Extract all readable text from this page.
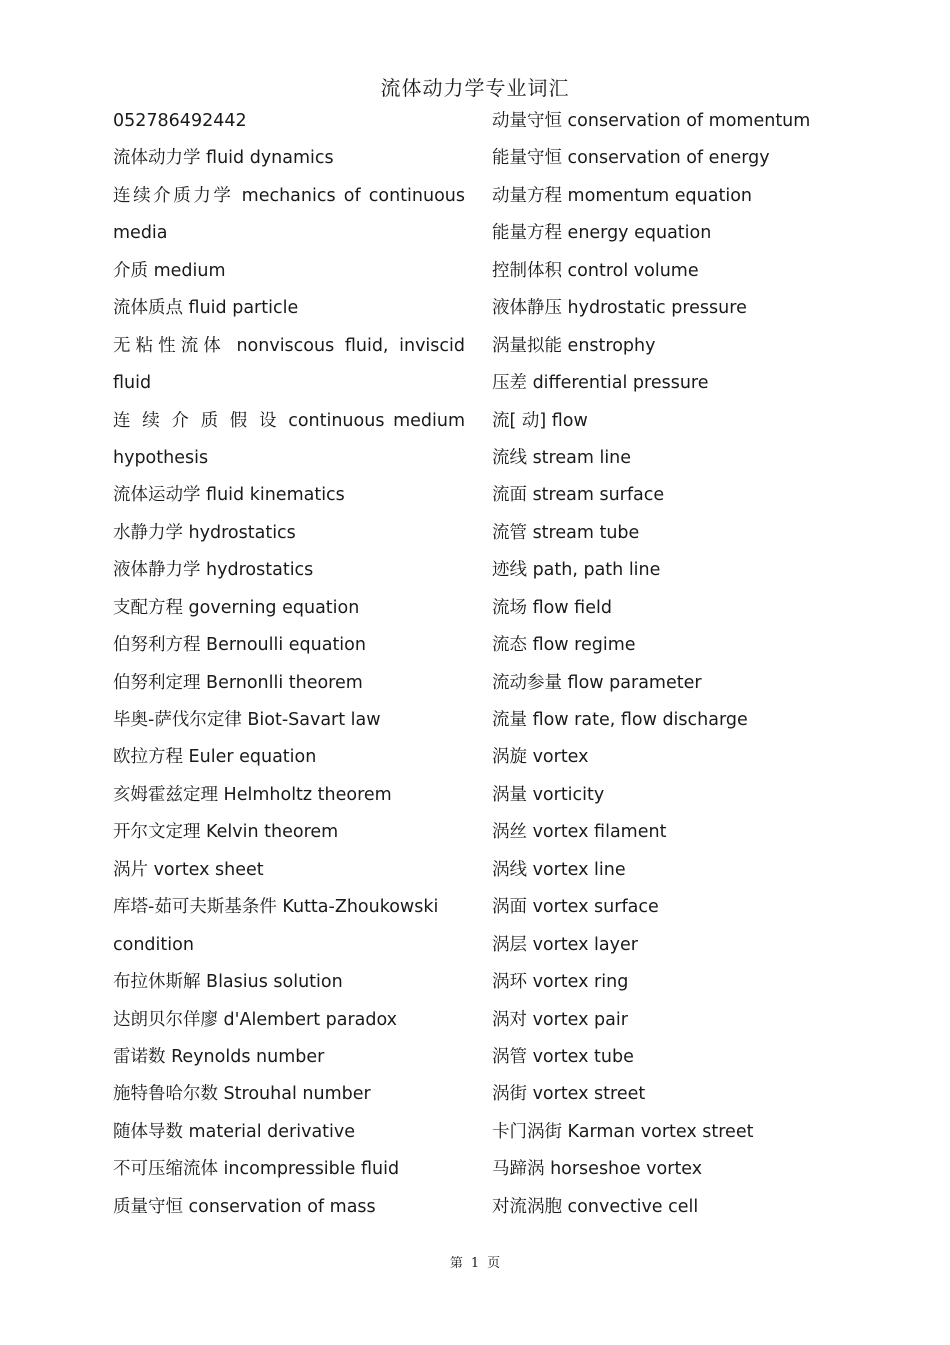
流体动力学专业词汇
052786492442
流体动力学 fluid dynamics
连续介质力学 mechanics of continuous
media
介质 medium
流体质点 fluid particle
无粘性流体 nonviscous fluid, inviscid
fluid
连 续 介 质 假 设 continuous medium
hypothesis
流体运动学 fluid kinematics
水静力学 hydrostatics
液体静力学 hydrostatics
支配方程 governing equation
伯努利方程 Bernoulli equation
伯努利定理 Bernonlli theorem
毕奥-萨伐尔定律 Biot-Savart law
欧拉方程 Euler equation
亥姆霍兹定理 Helmholtz theorem
开尔文定理 Kelvin theorem
涡片 vortex sheet
库塔-茹可夫斯基条件 Kutta-Zhoukowski
condition
布拉休斯解 Blasius solution
达朗贝尔佯廖 d'Alembert paradox
雷诺数 Reynolds number
施特鲁哈尔数 Strouhal number
随体导数 material derivative
不可压缩流体 incompressible fluid
质量守恒 conservation of mass
动量守恒 conservation of momentum
能量守恒 conservation of energy
动量方程 momentum equation
能量方程 energy equation
控制体积 control volume
液体静压 hydrostatic pressure
涡量拟能 enstrophy
压差 differential pressure
流[ 动] flow
流线 stream line
流面 stream surface
流管 stream tube
迹线 path, path line
流场 flow field
流态 flow regime
流动参量 flow parameter
流量 flow rate, flow discharge
涡旋 vortex
涡量 vorticity
涡丝 vortex filament
涡线 vortex line
涡面 vortex surface
涡层 vortex layer
涡环 vortex ring
涡对 vortex pair
涡管 vortex tube
涡街 vortex street
卡门涡街 Karman vortex street
马蹄涡 horseshoe vortex
对流涡胞 convective cell
第 1 页
